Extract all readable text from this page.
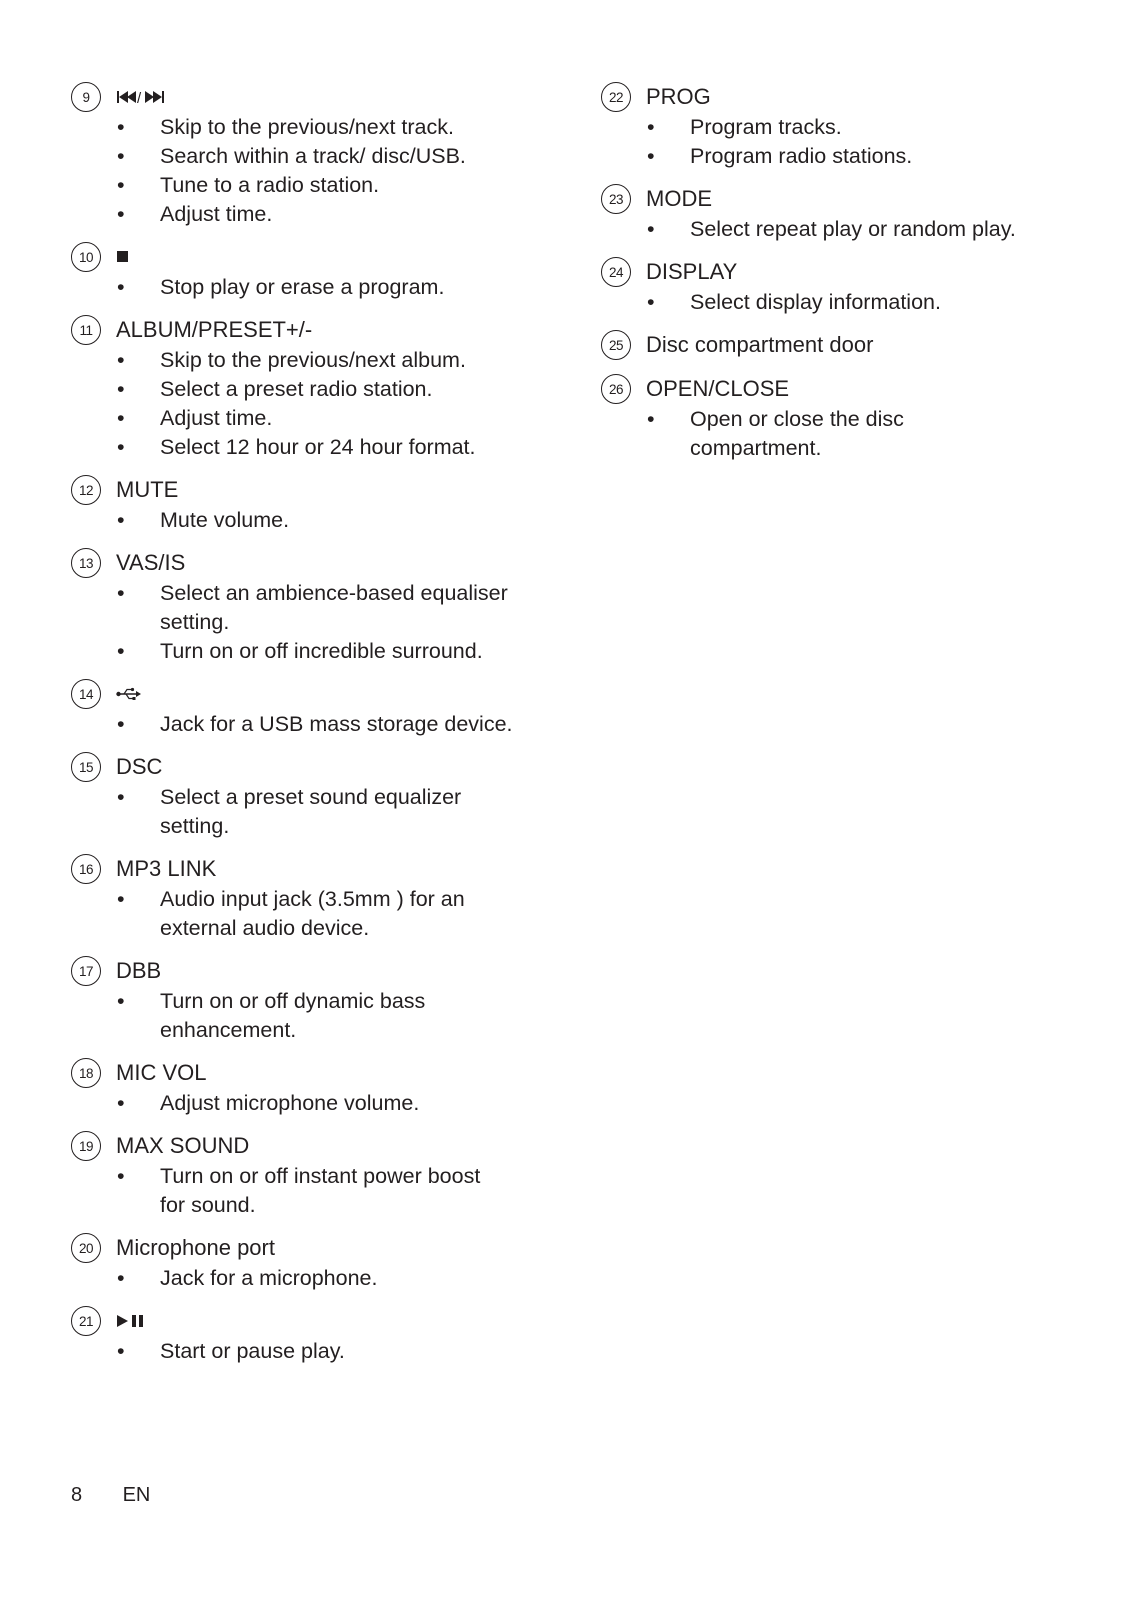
9	/
• Skip to the previous/next track.
• Search within a track/ disc/USB.
• Tune to a radio station.
• Adjust time.
10
• Stop play or erase a program.
11	ALBUM/PRESET+/-
• Skip to the previous/next album.
• Select a preset radio station.
• Adjust time.
• Select 12 hour or 24 hour format.
12	MUTE
• Mute volume.
13	VAS/IS
• Select an ambience-based equaliser
setting.
• Turn on or off incredible surround.
14
• Jack for a USB mass storage device.
15	DSC
• Select a preset sound equalizer
setting.
16	MP3 LINK
• Audio input jack (3.5mm ) for an
external audio device.
17	DBB
• Turn on or off dynamic bass
enhancement.
18	MIC VOL
• Adjust microphone volume.
19	MAX SOUND
• Turn on or off instant power boost
for sound.
20	Microphone port
• Jack for a microphone.
21
• Start or pause play.
22	PROG
• Program tracks.
• Program radio stations.
23	MODE
• Select repeat play or random play.
24	DISPLAY
• Select display information.
25	Disc compartment door
26	OPEN/CLOSE
• Open or close the disc
compartment.
8 EN
